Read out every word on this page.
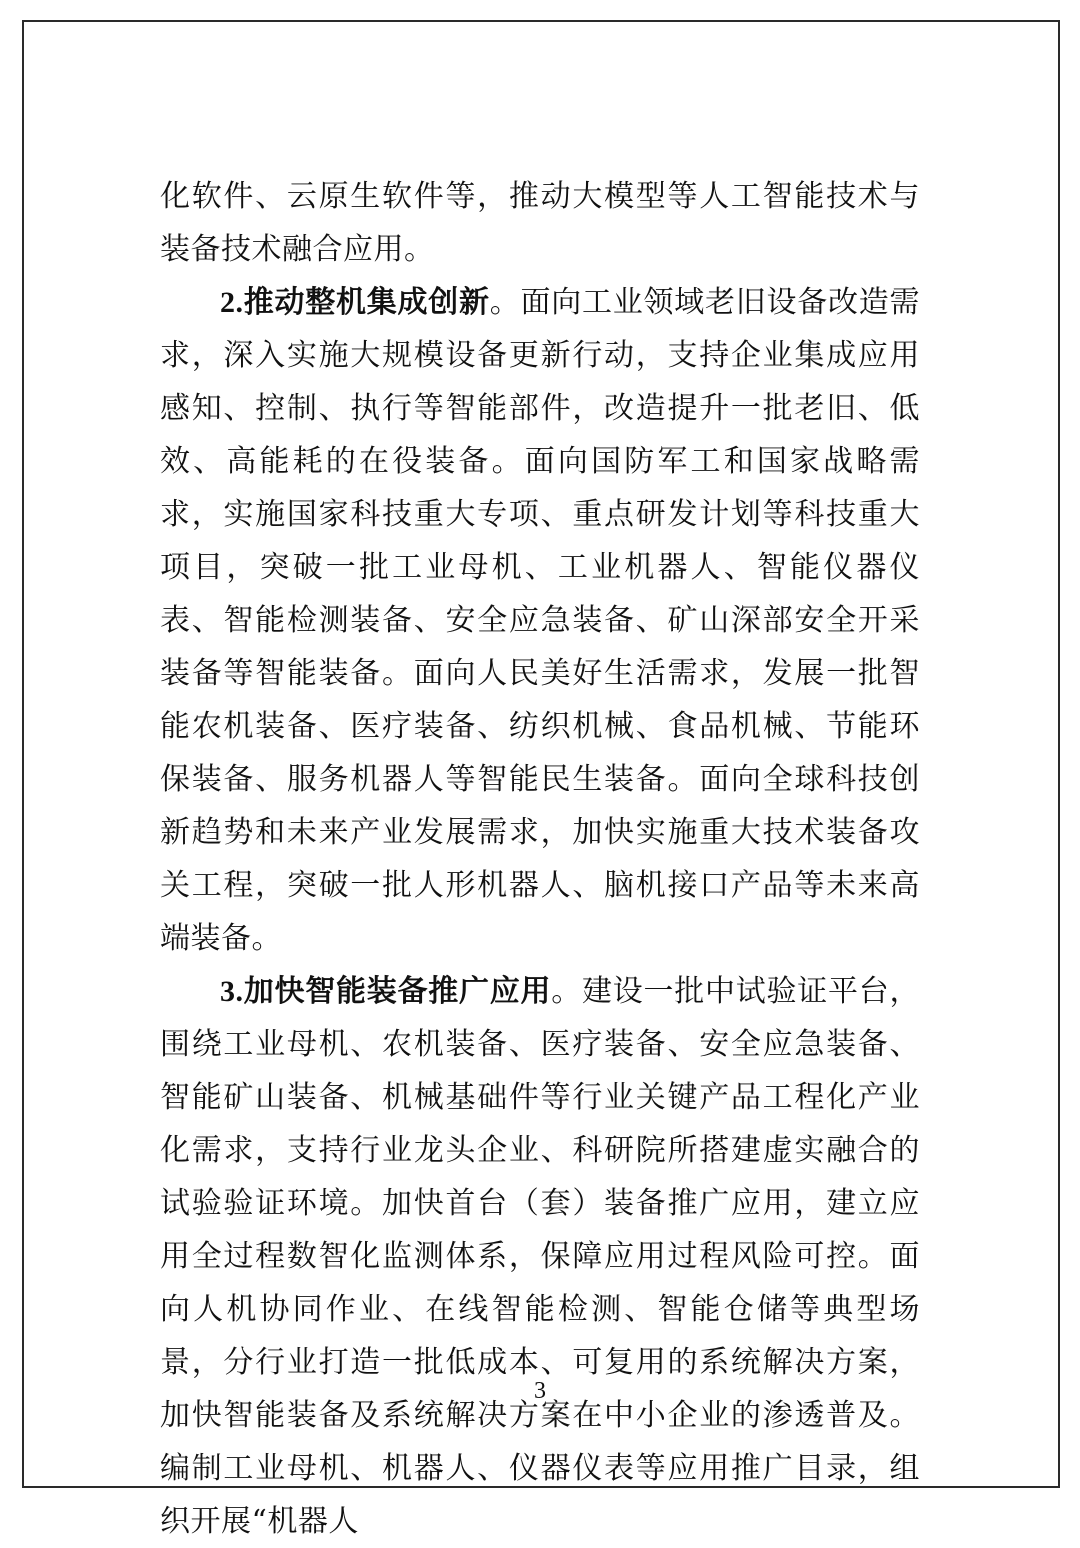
化软件、云原生软件等，推动大模型等人工智能技术与装备技术融合应用。

2.推动整机集成创新。面向工业领域老旧设备改造需求，深入实施大规模设备更新行动，支持企业集成应用感知、控制、执行等智能部件，改造提升一批老旧、低效、高能耗的在役装备。面向国防军工和国家战略需求，实施国家科技重大专项、重点研发计划等科技重大项目，突破一批工业母机、工业机器人、智能仪器仪表、智能检测装备、安全应急装备、矿山深部安全开采装备等智能装备。面向人民美好生活需求，发展一批智能农机装备、医疗装备、纺织机械、食品机械、节能环保装备、服务机器人等智能民生装备。面向全球科技创新趋势和未来产业发展需求，加快实施重大技术装备攻关工程，突破一批人形机器人、脑机接口产品等未来高端装备。

3.加快智能装备推广应用。建设一批中试验证平台，围绕工业母机、农机装备、医疗装备、安全应急装备、智能矿山装备、机械基础件等行业关键产品工程化产业化需求，支持行业龙头企业、科研院所搭建虚实融合的试验验证环境。加快首台（套）装备推广应用，建立应用全过程数智化监测体系，保障应用过程风险可控。面向人机协同作业、在线智能检测、智能仓储等典型场景，分行业打造一批低成本、可复用的系统解决方案，加快智能装备及系统解决方案在中小企业的渗透普及。编制工业母机、机器人、仪器仪表等应用推广目录，组织开展“机器人

3
